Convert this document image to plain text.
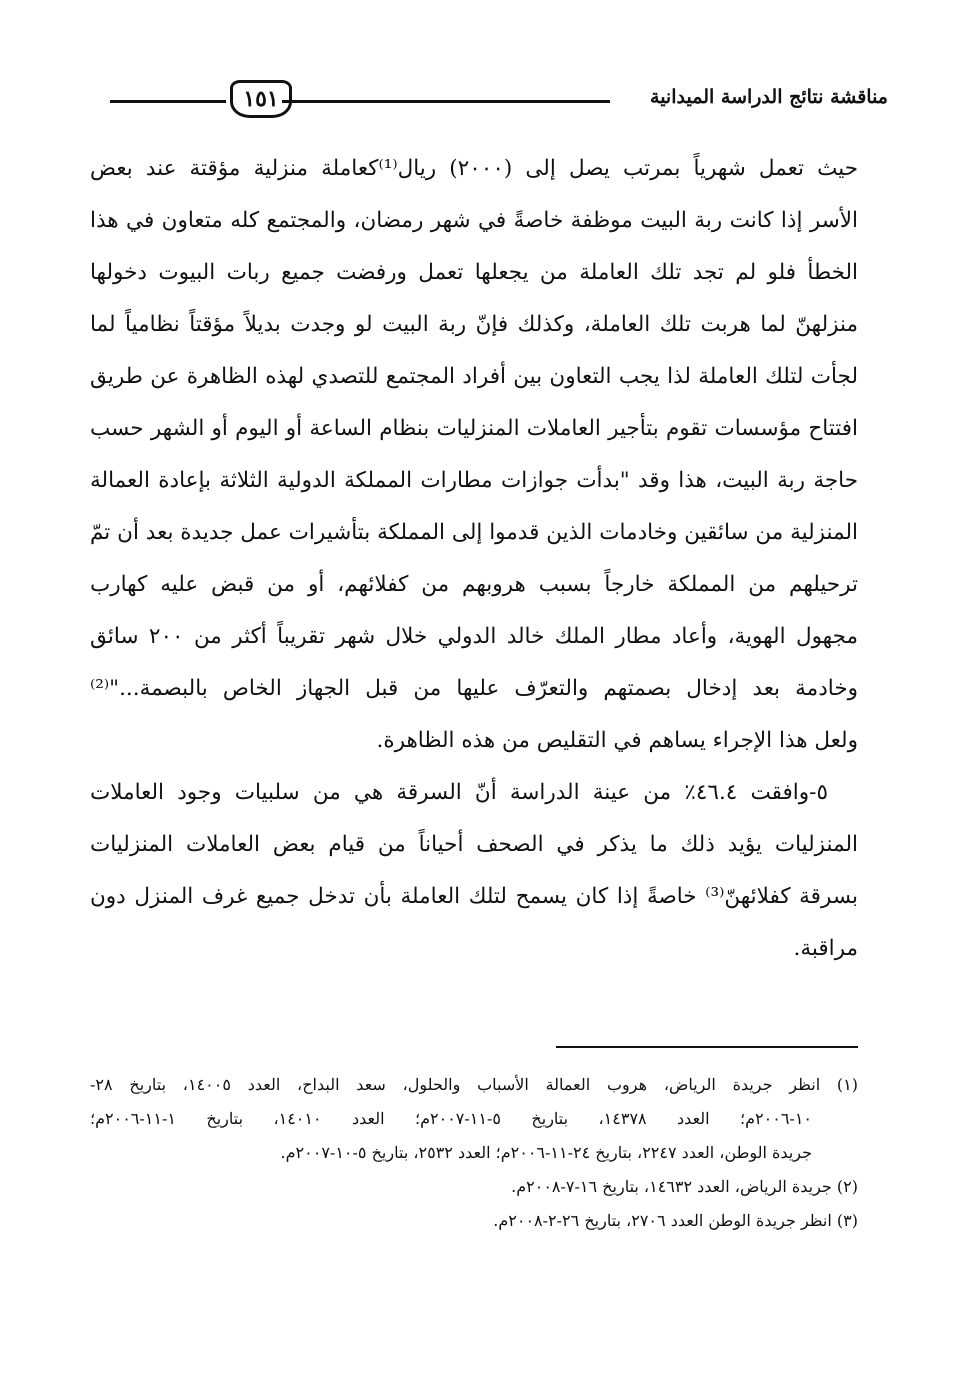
مناقشة نتائج الدراسة الميدانية
١٥١
حيث تعمل شهرياً بمرتب يصل إلى (٢٠٠٠) ريال⁽¹⁾كعاملة منزلية مؤقتة عند بعض
الأسر إذا كانت ربة البيت موظفة خاصةً في شهر رمضان، والمجتمع كله متعاون في هذا
الخطأ فلو لم تجد تلك العاملة من يجعلها تعمل ورفضت جميع ربات البيوت دخولها
منزلهنّ لما هربت تلك العاملة، وكذلك فإنّ ربة البيت لو وجدت بديلاً مؤقتاً نظامياً لما
لجأت لتلك العاملة لذا يجب التعاون بين أفراد المجتمع للتصدي لهذه الظاهرة عن طريق
افتتاح مؤسسات تقوم بتأجير العاملات المنزليات بنظام الساعة أو اليوم أو الشهر حسب
حاجة ربة البيت، هذا وقد "بدأت جوازات مطارات المملكة الدولية الثلاثة بإعادة العمالة
المنزلية من سائقين وخادمات الذين قدموا إلى المملكة بتأشيرات عمل جديدة بعد أن تمّ
ترحيلهم من المملكة خارجاً بسبب هروبهم من كفلائهم، أو من قبض عليه كهارب
مجهول الهوية، وأعاد مطار الملك خالد الدولي خلال شهر تقريباً أكثر من ٢٠٠ سائق
وخادمة بعد إدخال بصمتهم والتعرّف عليها من قبل الجهاز الخاص بالبصمة..."⁽²⁾
ولعل هذا الإجراء يساهم في التقليص من هذه الظاهرة.
٥-وافقت ٤٦.٤٪ من عينة الدراسة أنّ السرقة هي من سلبيات وجود العاملات
المنزليات يؤيد ذلك ما يذكر في الصحف أحياناً من قيام بعض العاملات المنزليات
بسرقة كفلائهنّ⁽³⁾ خاصةً إذا كان يسمح لتلك العاملة بأن تدخل جميع غرف المنزل دون
مراقبة.
(١) انظر جريدة الرياض، هروب العمالة الأسباب والحلول، سعد البداح، العدد ١٤٠٠٥، بتاريخ ٢٨-
١٠-٢٠٠٦م؛ العدد ١٤٣٧٨، بتاريخ ٥-١١-٢٠٠٧م؛ العدد ١٤٠١٠، بتاريخ ١-١١-٢٠٠٦م؛
جريدة الوطن، العدد ٢٢٤٧، بتاريخ ٢٤-١١-٢٠٠٦م؛ العدد ٢٥٣٢، بتاريخ ٥-١٠-٢٠٠٧م.
(٢) جريدة الرياض، العدد ١٤٦٣٢، بتاريخ ١٦-٧-٢٠٠٨م.
(٣) انظر جريدة الوطن العدد ٢٧٠٦، بتاريخ ٢٦-٢-٢٠٠٨م.
